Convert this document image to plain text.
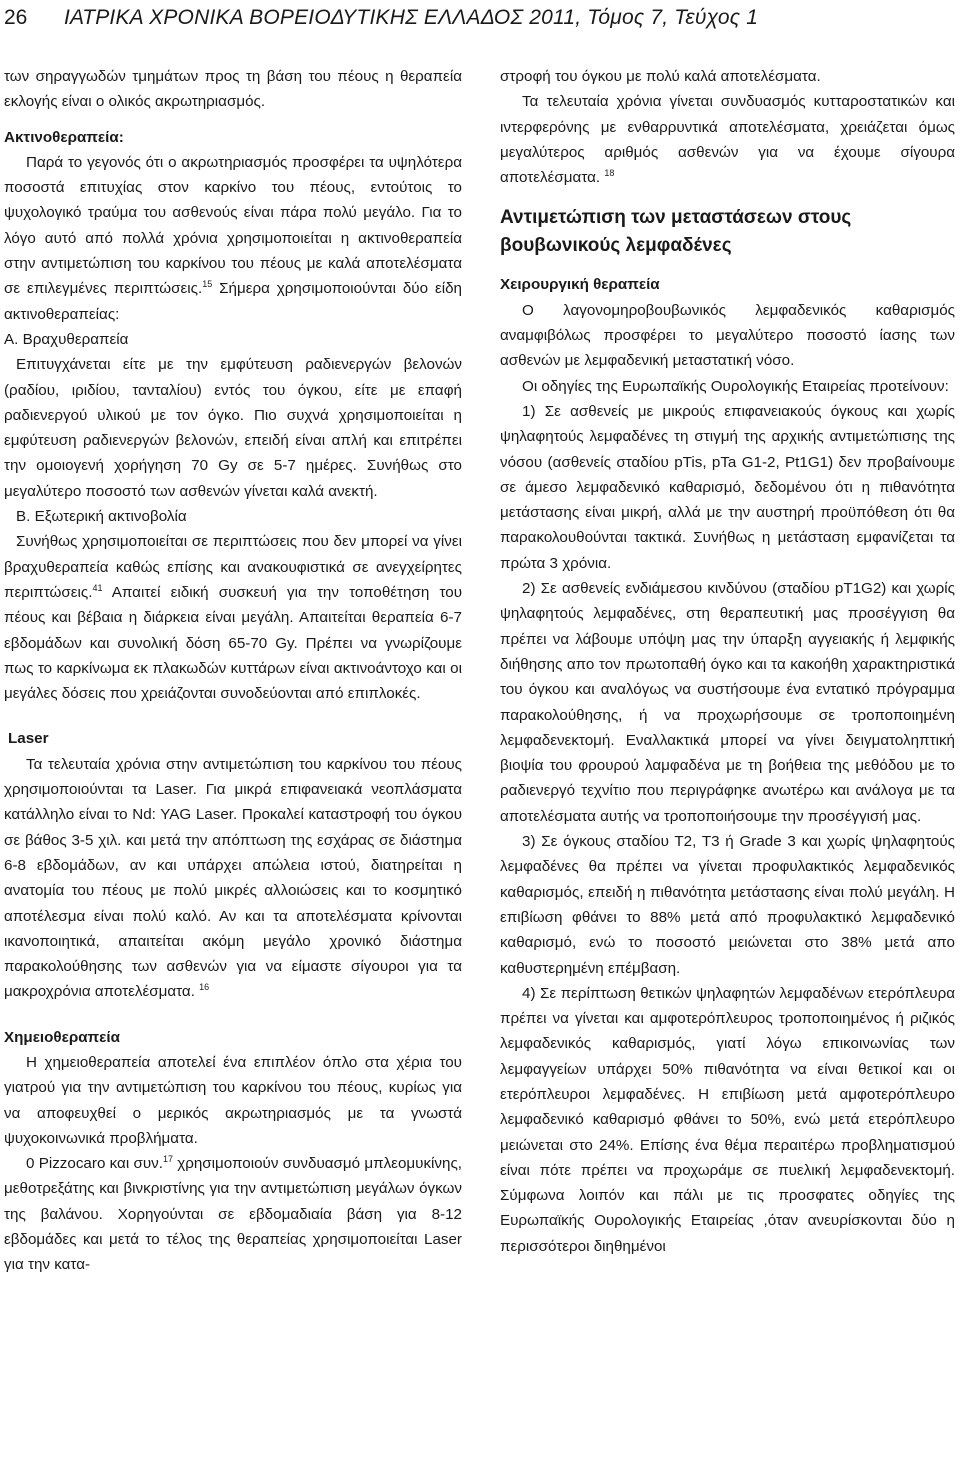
26 ΙΑΤΡΙΚΑ ΧΡΟΝΙΚΑ ΒΟΡΕΙΟΔΥΤΙΚΗΣ ΕΛΛΑΔΟΣ 2011, Τόμος 7, Τεύχος 1

των σηραγγωδών τμημάτων προς τη βάση του πέους η θεραπεία εκλογής είναι ο ολικός ακρωτηριασμός.

Ακτινοθεραπεία:

Παρά το γεγονός ότι ο ακρωτηριασμός προσφέρει τα υψηλότερα ποσοστά επιτυχίας στον καρκίνο του πέους, εντούτοις το ψυχολογικό τραύμα του ασθενούς είναι πάρα πολύ μεγάλο. Για το λόγο αυτό από πολλά χρόνια χρησιμοποιείται η ακτινοθεραπεία στην αντιμετώπιση του καρκίνου του πέους με καλά αποτελέσματα σε επιλεγμένες περιπτώσεις.$^{15}$ Σήμερα χρησιμοποιούνται δύο είδη ακτινοθεραπείας:

Α. Βραχυθεραπεία

Επιτυγχάνεται είτε με την εμφύτευση ραδιενεργών βελονών (ραδίου, ιριδίου, τανταλίου) εντός του όγκου, είτε με επαφή ραδιενεργού υλικού με τον όγκο. Πιο συχνά χρησιμοποιείται η εμφύτευση ραδιενεργών βελονών, επειδή είναι απλή και επιτρέπει την ομοιογενή χορήγηση 70 Gy σε 5-7 ημέρες. Συνήθως στο μεγαλύτερο ποσοστό των ασθενών γίνεται καλά ανεκτή.

Β. Εξωτερική ακτινοβολία

Συνήθως χρησιμοποιείται σε περιπτώσεις που δεν μπορεί να γίνει βραχυθεραπεία καθώς επίσης και ανακουφιστικά σε ανεγχείρητες περιπτώσεις.$^{41}$ Απαιτεί ειδική συσκευή για την τοποθέτηση του πέους και βέβαια η διάρκεια είναι μεγάλη. Απαιτείται θεραπεία 6-7 εβδομάδων και συνολική δόση 65-70 Gy. Πρέπει να γνωρίζουμε πως το καρκίνωμα εκ πλακωδών κυττάρων είναι ακτινοάντοχο και οι μεγάλες δόσεις που χρειάζονται συνοδεύονται από επιπλοκές.

Laser

Τα τελευταία χρόνια στην αντιμετώπιση του καρκίνου του πέους χρησιμοποιούνται τα Laser. Για μικρά επιφανειακά νεοπλάσματα κατάλληλο είναι το Nd: YAG Laser. Προκαλεί καταστροφή του όγκου σε βάθος 3-5 χιλ. και μετά την απόπτωση της εσχάρας σε διάστημα 6-8 εβδομάδων, αν και υπάρχει απώλεια ιστού, διατηρείται η ανατομία του πέους με πολύ μικρές αλλοιώσεις και το κοσμητικό αποτέλεσμα είναι πολύ καλό. Αν και τα αποτελέσματα κρίνονται ικανοποιητικά, απαιτείται ακόμη μεγάλο χρονικό διάστημα παρακολούθησης των ασθενών για να είμαστε σίγουροι για τα μακροχρόνια αποτελέσματα. $^{16}$

Χημειοθεραπεία

Η χημειοθεραπεία αποτελεί ένα επιπλέον όπλο στα χέρια του γιατρού για την αντιμετώπιση του καρκίνου του πέους, κυρίως για να αποφευχθεί ο μερικός ακρωτηριασμός με τα γνωστά ψυχοκοινωνικά προβλήματα.

0 Pizzocaro και συν.$^{17}$ χρησιμοποιούν συνδυασμό μπλεομυκίνης, μεθοτρεξάτης και βινκριστίνης για την αντιμετώπιση μεγάλων όγκων της βαλάνου. Χορηγούνται σε εβδομαδιαία βάση για 8-12 εβδομάδες και μετά το τέλος της θεραπείας χρησιμοποιείται Laser για την κατα-

στροφή του όγκου με πολύ καλά αποτελέσματα.

Τα τελευταία χρόνια γίνεται συνδυασμός κυτταροστατικών και ιντερφερόνης με ενθαρρυντικά αποτελέσματα, χρειάζεται όμως μεγαλύτερος αριθμός ασθενών για να έχουμε σίγουρα αποτελέσματα. $^{18}$

Αντιμετώπιση των μεταστάσεων στους βουβωνικούς λεμφαδένες

Χειρουργική θεραπεία

Ο λαγονομηροβουβωνικός λεμφαδενικός καθαρισμός αναμφιβόλως προσφέρει το μεγαλύτερο ποσοστό ίασης των ασθενών με λεμφαδενική μεταστατική νόσο.

Οι οδηγίες της Ευρωπαϊκής Ουρολογικής Εταιρείας προτείνουν:

1) Σε ασθενείς με μικρούς επιφανειακούς όγκους και χωρίς ψηλαφητούς λεμφαδένες τη στιγμή της αρχικής αντιμετώπισης της νόσου (ασθενείς σταδίου pTis, pTa G1-2, Pt1G1) δεν προβαίνουμε σε άμεσο λεμφαδενικό καθαρισμό, δεδομένου ότι η πιθανότητα μετάστασης είναι μικρή, αλλά με την αυστηρή προϋπόθεση ότι θα παρακολουθούνται τακτικά. Συνήθως η μετάσταση εμφανίζεται τα πρώτα 3 χρόνια.

2) Σε ασθενείς ενδιάμεσου κινδύνου (σταδίου pT1G2) και χωρίς ψηλαφητούς λεμφαδένες, στη θεραπευτική μας προσέγγιση θα πρέπει να λάβουμε υπόψη μας την ύπαρξη αγγειακής ή λεμφικής διήθησης απο τον πρωτοπαθή όγκο και τα κακοήθη χαρακτηριστικά του όγκου και αναλόγως να συστήσουμε ένα εντατικό πρόγραμμα παρακολούθησης, ή να προχωρήσουμε σε τροποποιημένη λεμφαδενεκτομή. Εναλλακτικά μπορεί να γίνει δειγματοληπτική βιοψία του φρουρού λαμφαδένα με τη βοήθεια της μεθόδου με το ραδιενεργό τεχνίτιο που περιγράφηκε ανωτέρω και ανάλογα με τα αποτελέσματα αυτής να τροποποιήσουμε την προσέγγισή μας.

3) Σε όγκους σταδίου Τ2, Τ3 ή Grade 3 και χωρίς ψηλαφητούς λεμφαδένες θα πρέπει να γίνεται προφυλακτικός λεμφαδενικός καθαρισμός, επειδή η πιθανότητα μετάστασης είναι πολύ μεγάλη. Η επιβίωση φθάνει το 88% μετά από προφυλακτικό λεμφαδενικό καθαρισμό, ενώ το ποσοστό μειώνεται στο 38% μετά απο καθυστερημένη επέμβαση.

4) Σε περίπτωση θετικών ψηλαφητών λεμφαδένων ετερόπλευρα πρέπει να γίνεται και αμφοτερόπλευρος τροποποιημένος ή ριζικός λεμφαδενικός καθαρισμός, γιατί λόγω επικοινωνίας των λεμφαγγείων υπάρχει 50% πιθανότητα να είναι θετικοί και οι ετερόπλευροι λεμφαδένες. Η επιβίωση μετά αμφοτερόπλευρο λεμφαδενικό καθαρισμό φθάνει το 50%, ενώ μετά ετερόπλευρο μειώνεται στο 24%. Επίσης ένα θέμα περαιτέρω προβληματισμού είναι πότε πρέπει να προχωράμε σε πυελική λεμφαδενεκτομή. Σύμφωνα λοιπόν και πάλι με τις προσφατες οδηγίες της Ευρωπαϊκής Ουρολογικής Εταιρείας ,όταν ανευρίσκονται δύο η περισσότεροι διηθημένοι
